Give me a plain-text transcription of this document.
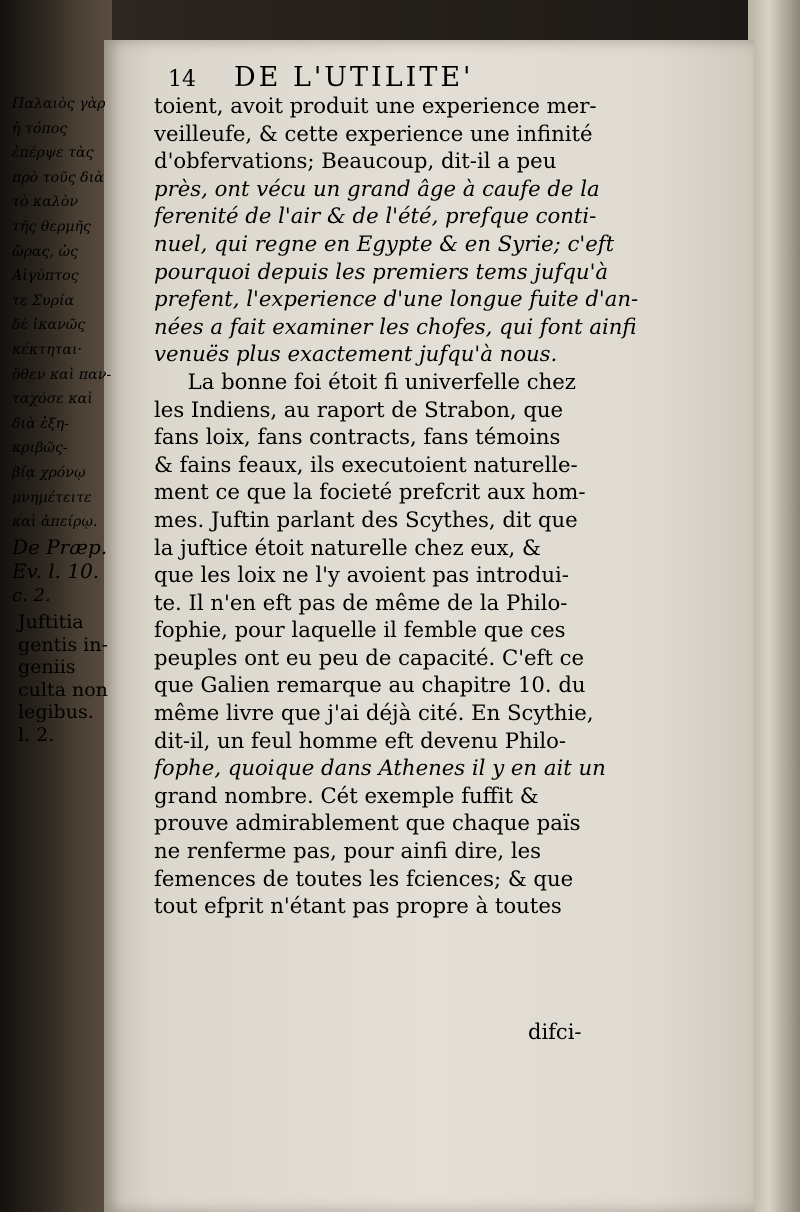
14 DE L'UTILITE'
Παλαιὸς γὰρ
ἡ τόπος
ἐπέρψε τὰς
πρὸ τοῦς διὰ
τὸ καλὸν
τῆς θερμῆς
ὥρας, ὡς
Αἰγύπτος
τε Συρία
δὲ ἱκανῶς
κέκτηται·
ὅθεν καὶ παν-
ταχόσε καὶ
διὰ ἐξη-
κριβῶς-
βίᾳ χρόνῳ
μνημέτειτε
καὶ ἀπείρῳ.
De Præp.
Ev. l. 10.
c. 2.
Juftitia
gentis in-
geniis
culta non
legibus.
l. 2.
toient, avoit produit une experience mer-
veilleufe, & cette experience une infinité
d'obfervations; Beaucoup, dit-il a peu
près, ont vécu un grand âge à caufe de la
ferenité de l'air & de l'été, prefque conti-
nuel, qui regne en Egypte & en Syrie; c'eft
pourquoi depuis les premiers tems jufqu'à
prefent, l'experience d'une longue fuite d'an-
nées a fait examiner les chofes, qui font ainfi
venuës plus exactement jufqu'à nous.
La bonne foi étoit fi univerfelle chez
les Indiens, au raport de Strabon, que
fans loix, fans contracts, fans témoins
& fains feaux, ils executoient naturelle-
ment ce que la focieté prefcrit aux hom-
mes. Juftin parlant des Scythes, dit que
la juftice étoit naturelle chez eux, &
que les loix ne l'y avoient pas introdui-
te. Il n'en eft pas de même de la Philo-
fophie, pour laquelle il femble que ces
peuples ont eu peu de capacité. C'eft ce
que Galien remarque au chapitre 10. du
même livre que j'ai déjà cité. En Scythie,
dit-il, un feul homme eft devenu Philo-
fophe, quoique dans Athenes il y en ait un
grand nombre. Cét exemple fuffit &
prouve admirablement que chaque païs
ne renferme pas, pour ainfi dire, les
femences de toutes les fciences; & que
tout efprit n'étant pas propre à toutes
difci-
